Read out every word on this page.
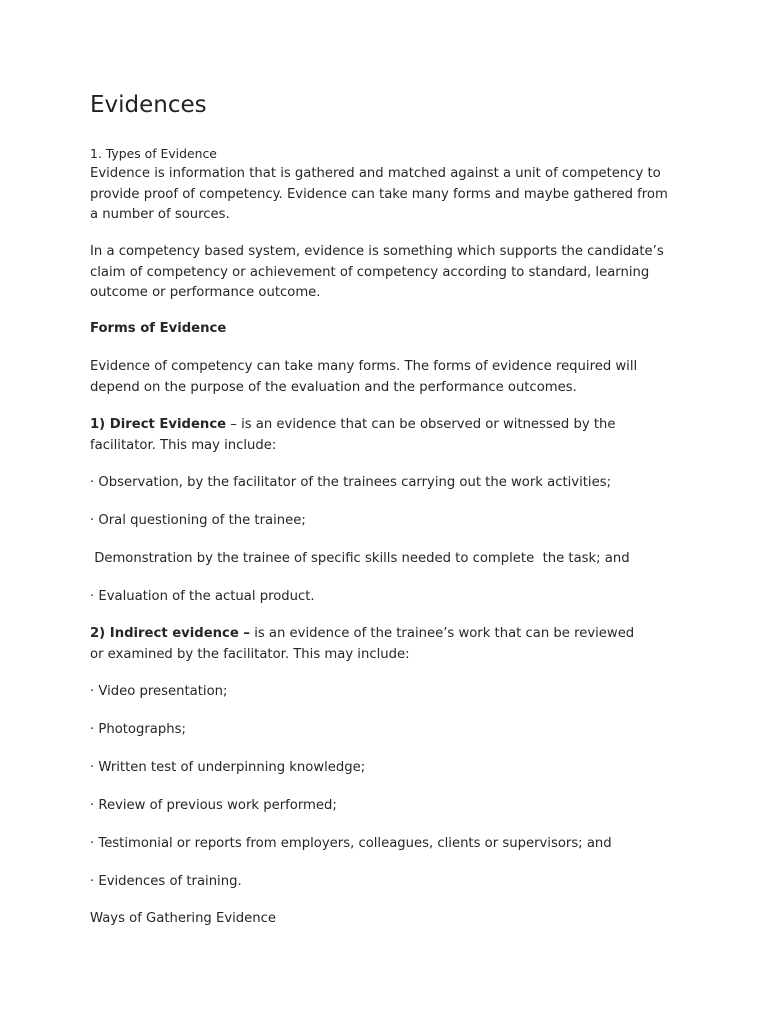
Evidences

1. Types of Evidence

Evidence is information that is gathered and matched against a unit of competency to provide proof of competency. Evidence can take many forms and maybe gathered from a number of sources.

In a competency based system, evidence is something which supports the candidate’s claim of competency or achievement of competency according to standard, learning outcome or performance outcome.

Forms of Evidence

Evidence of competency can take many forms. The forms of evidence required will depend on the purpose of the evaluation and the performance outcomes.

1) Direct Evidence – is an evidence that can be observed or witnessed by the facilitator. This may include:

· Observation, by the facilitator of the trainees carrying out the work activities;

· Oral questioning of the trainee;

Demonstration by the trainee of specific skills needed to complete  the task; and

· Evaluation of the actual product.

2) Indirect evidence – is an evidence of the trainee’s work that can be reviewed or examined by the facilitator. This may include:

· Video presentation;

· Photographs;

· Written test of underpinning knowledge;

· Review of previous work performed;

· Testimonial or reports from employers, colleagues, clients or supervisors; and

· Evidences of training.

Ways of Gathering Evidence
